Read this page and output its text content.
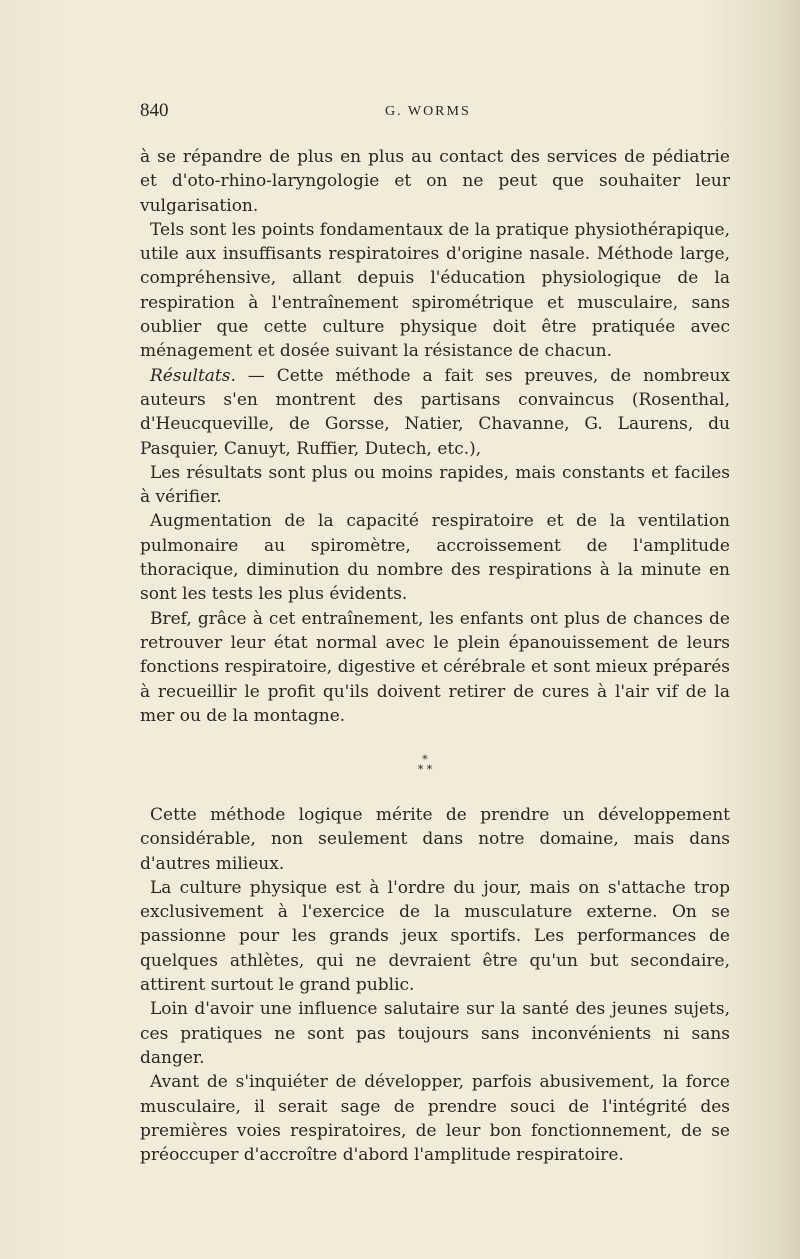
840	G. WORMS

à se répandre de plus en plus au contact des services de pédiatrie et d'oto-rhino-laryngologie et on ne peut que souhaiter leur vulgarisation.

Tels sont les points fondamentaux de la pratique physiothérapique, utile aux insuffisants respiratoires d'origine nasale. Méthode large, compréhensive, allant depuis l'éducation physiologique de la respiration à l'entraînement spirométrique et musculaire, sans oublier que cette culture physique doit être pratiquée avec ménagement et dosée suivant la résistance de chacun.

Résultats. — Cette méthode a fait ses preuves, de nombreux auteurs s'en montrent des partisans convaincus (Rosenthal, d'Heucqueville, de Gorsse, Natier, Chavanne, G. Laurens, du Pasquier, Canuyt, Ruffier, Dutech, etc.),

Les résultats sont plus ou moins rapides, mais constants et faciles à vérifier.

Augmentation de la capacité respiratoire et de la ventilation pulmonaire au spiromètre, accroissement de l'amplitude thoracique, diminution du nombre des respirations à la minute en sont les tests les plus évidents.

Bref, grâce à cet entraînement, les enfants ont plus de chances de retrouver leur état normal avec le plein épanouissement de leurs fonctions respiratoire, digestive et cérébrale et sont mieux préparés à recueillir le profit qu'ils doivent retirer de cures à l'air vif de la mer ou de la montagne.

*
* *

Cette méthode logique mérite de prendre un développement considérable, non seulement dans notre domaine, mais dans d'autres milieux.

La culture physique est à l'ordre du jour, mais on s'attache trop exclusivement à l'exercice de la musculature externe. On se passionne pour les grands jeux sportifs. Les performances de quelques athlètes, qui ne devraient être qu'un but secondaire, attirent surtout le grand public.

Loin d'avoir une influence salutaire sur la santé des jeunes sujets, ces pratiques ne sont pas toujours sans inconvénients ni sans danger.

Avant de s'inquiéter de développer, parfois abusivement, la force musculaire, il serait sage de prendre souci de l'intégrité des premières voies respiratoires, de leur bon fonctionnement, de se préoccuper d'accroître d'abord l'amplitude respiratoire.
